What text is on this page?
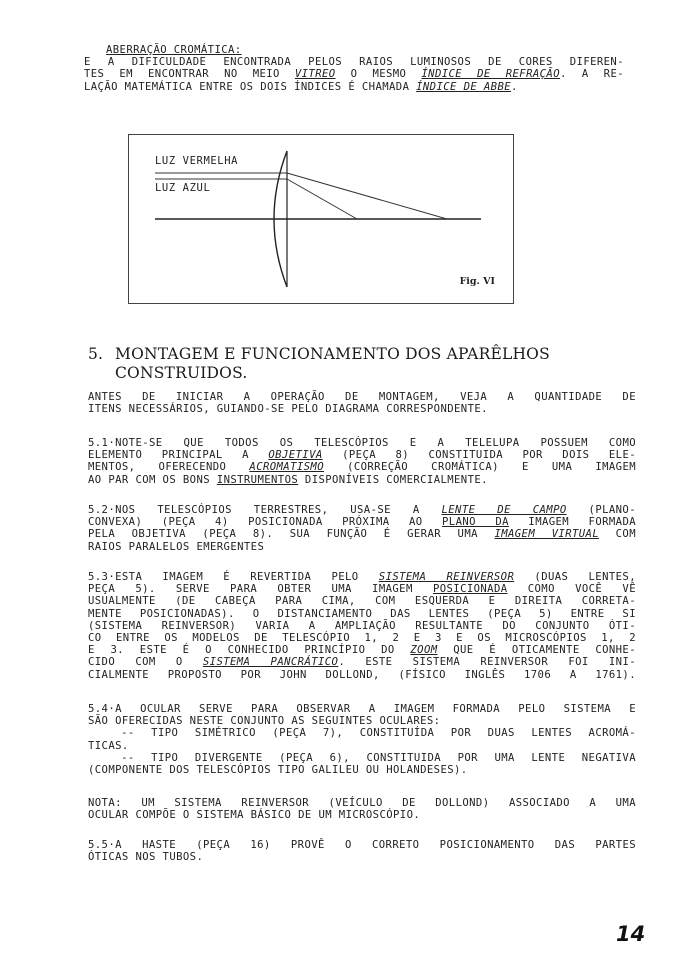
ABERRAÇÃO CROMÁTICA:

E A DIFICULDADE ENCONTRADA PELOS RAIOS LUMINOSOS DE CORES DIFEREN-

TES EM ENCONTRAR NO MEIO VITREO O MESMO ÍNDICE DE REFRAÇÃO. A RE-

LAÇÃO MATEMÁTICA ENTRE OS DOIS ÍNDICES É CHAMADA ÍNDICE DE ABBE.

LUZ VERMELHA
LUZ AZUL
Fig. VI
5. MONTAGEM E FUNCIONAMENTO DOS APARÊLHOS
CONSTRUIDOS.

ANTES DE INICIAR A OPERAÇÃO DE MONTAGEM, VEJA A QUANTIDADE DE

ITENS NECESSÁRIOS, GUIANDO-SE PELO DIAGRAMA CORRESPONDENTE.

5.1·NOTE-SE QUE TODOS OS TELESCÓPIOS E A TELELUPA POSSUEM COMO

ELEMENTO PRINCIPAL A OBJETIVA (PEÇA 8) CONSTITUIDA POR DOIS ELE-

MENTOS, OFERECENDO ACROMATISMO (CORREÇÃO CROMÁTICA) E UMA IMAGEM

AO PAR COM OS BONS INSTRUMENTOS DISPONÍVEIS COMERCIALMENTE.

5.2·NOS TELESCÓPIOS TERRESTRES, USA-SE A LENTE DE CAMPO (PLANO-

CONVEXA) (PEÇA 4) POSICIONADA PRÓXIMA AO PLANO DA IMAGEM FORMADA

PELA OBJETIVA (PEÇA 8). SUA FUNÇÃO É GERAR UMA IMAGEM VIRTUAL COM

RAIOS PARALELOS EMERGENTES

5.3·ESTA IMAGEM É REVERTIDA PELO SISTEMA REINVERSOR (DUAS LENTES,

PEÇA 5). SERVE PARA OBTER UMA IMAGEM POSICIONADA COMO VOCÊ VÊ

USUALMENTE (DE CABEÇA PARA CIMA, COM ESQUERDA E DIREITA CORRETA-

MENTE POSICIONADAS). O DISTANCIAMENTO DAS LENTES (PEÇA 5) ENTRE SI

(SISTEMA REINVERSOR) VARIA A AMPLIAÇÃO RESULTANTE DO CONJUNTO ÓTI-

CO ENTRE OS MODELOS DE TELESCÓPIO 1, 2 E 3 E OS MICROSCÓPIOS 1, 2

E 3. ESTE É O CONHECIDO PRINCÍPIO DO ZOOM QUE É OTICAMENTE CONHE-

CIDO COM O SISTEMA PANCRÁTICO. ESTE SISTEMA REINVERSOR FOI INI-

CIALMENTE PROPOSTO POR JOHN DOLLOND, (FÍSICO INGLÊS 1706 A 1761).

5.4·A OCULAR SERVE PARA OBSERVAR A IMAGEM FORMADA PELO SISTEMA E

SÃO OFERECIDAS NESTE CONJUNTO AS SEGUINTES OCULARES:

-- TIPO SIMÉTRICO (PEÇA 7), CONSTITUÍDA POR DUAS LENTES ACROMÁ-

TICAS.

-- TIPO DIVERGENTE (PEÇA 6), CONSTITUIDA POR UMA LENTE NEGATIVA

(COMPONENTE DOS TELESCÓPIOS TIPO GALILEU OU HOLANDESES).

NOTA: UM SISTEMA REINVERSOR (VEÍCULO DE DOLLOND) ASSOCIADO A UMA

OCULAR COMPÕE O SISTEMA BÁSICO DE UM MICROSCÓPIO.

5.5·A HASTE (PEÇA 16) PROVÊ O CORRETO POSICIONAMENTO DAS PARTES

ÓTICAS NOS TUBOS.

14
